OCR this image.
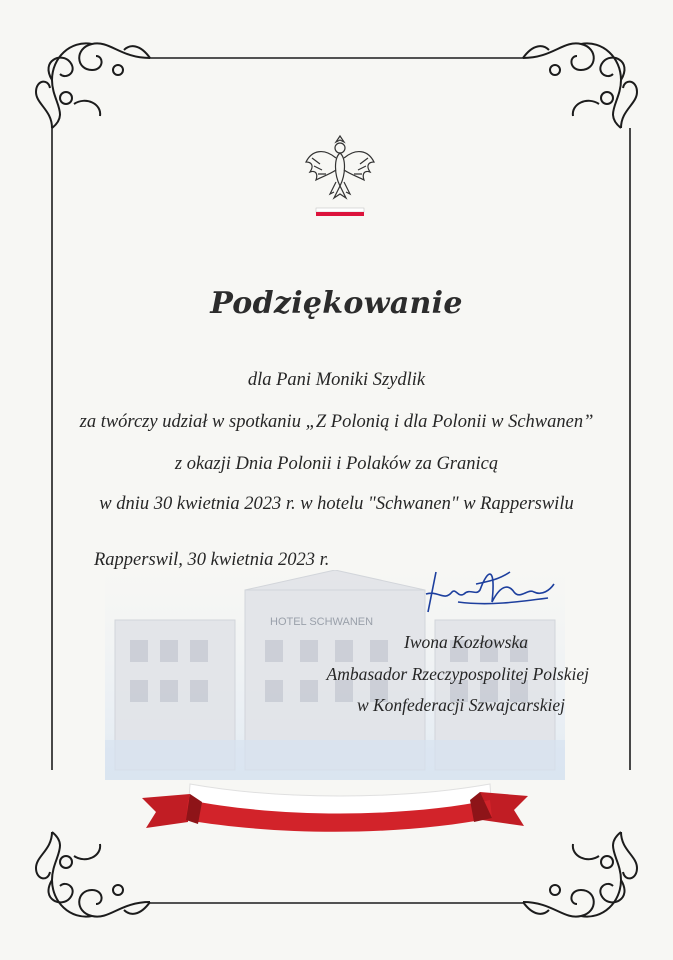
HOTEL SCHWANEN
Podziękowanie
dla Pani Moniki Szydlik
za twórczy udział w spotkaniu „Z Polonią i dla Polonii w Schwanen”
z okazji Dnia Polonii i Polaków za Granicą
w dniu 30 kwietnia 2023 r. w hotelu "Schwanen" w Rapperswilu
Rapperswil, 30 kwietnia 2023 r.
Iwona Kozłowska
Ambasador Rzeczypospolitej Polskiej
w Konfederacji Szwajcarskiej
